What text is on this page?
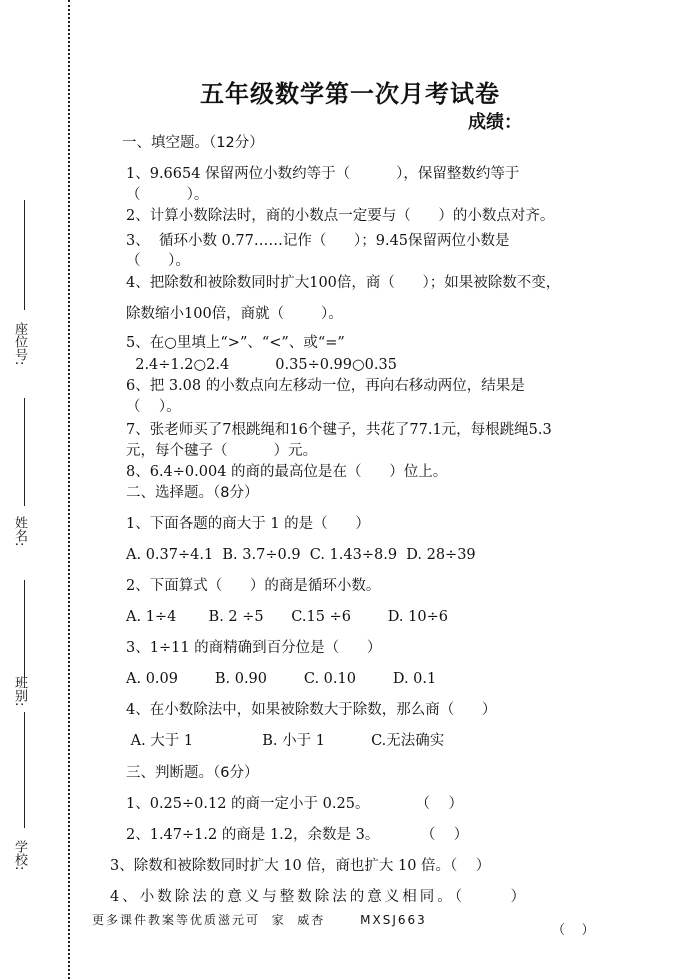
座位号:
姓名:
班别:
学校:
五年级数学第一次月考试卷
成绩：
一、填空题。（12分）
1、9.6654 保留两位小数约等于（          ），保留整数约等于
（          ）。
2、计算小数除法时，商的小数点一定要与（      ）的小数点对齐。
3、  循环小数 0.77……记作（      ）；9.45保留两位小数是
（      ）。
4、把除数和被除数同时扩大100倍，商（      ）；如果被除数不变，
除数缩小100倍，商就（        ）。
5、在○里填上“>”、“<”、或“=”
2.4÷1.2○2.4          0.35÷0.99○0.35
6、把 3.08 的小数点向左移动一位，再向右移动两位，结果是
（    ）。
7、张老师买了7根跳绳和16个毽子，共花了77.1元，每根跳绳5.3
元，每个毽子（          ）元。
8、6.4÷0.004 的商的最高位是在（      ）位上。
二、选择题。（8分）
1、下面各题的商大于 1 的是（      ）
A. 0.37÷4.1  B. 3.7÷0.9  C. 1.43÷8.9  D. 28÷39
2、下面算式（      ）的商是循环小数。
A. 1÷4       B. 2 ÷5      C.15 ÷6        D. 10÷6
3、1÷11 的商精确到百分位是（      ）
A. 0.09        B. 0.90        C. 0.10        D. 0.1
4、在小数除法中，如果被除数大于除数，那么商（      ）
A. 大于 1               B. 小于 1          C.无法确实
三、判断题。（6分）
1、0.25÷0.12 的商一定小于 0.25。          （    ）
2、1.47÷1.2 的商是 1.2，余数是 3。         （    ）
3、除数和被除数同时扩大 10 倍，商也扩大 10 倍。（    ）
4、小数除法的意义与整数除法的意义相同。（      ）
更多课件教案等优质滋元可  家  威杏      MXSJ663
（    ）
